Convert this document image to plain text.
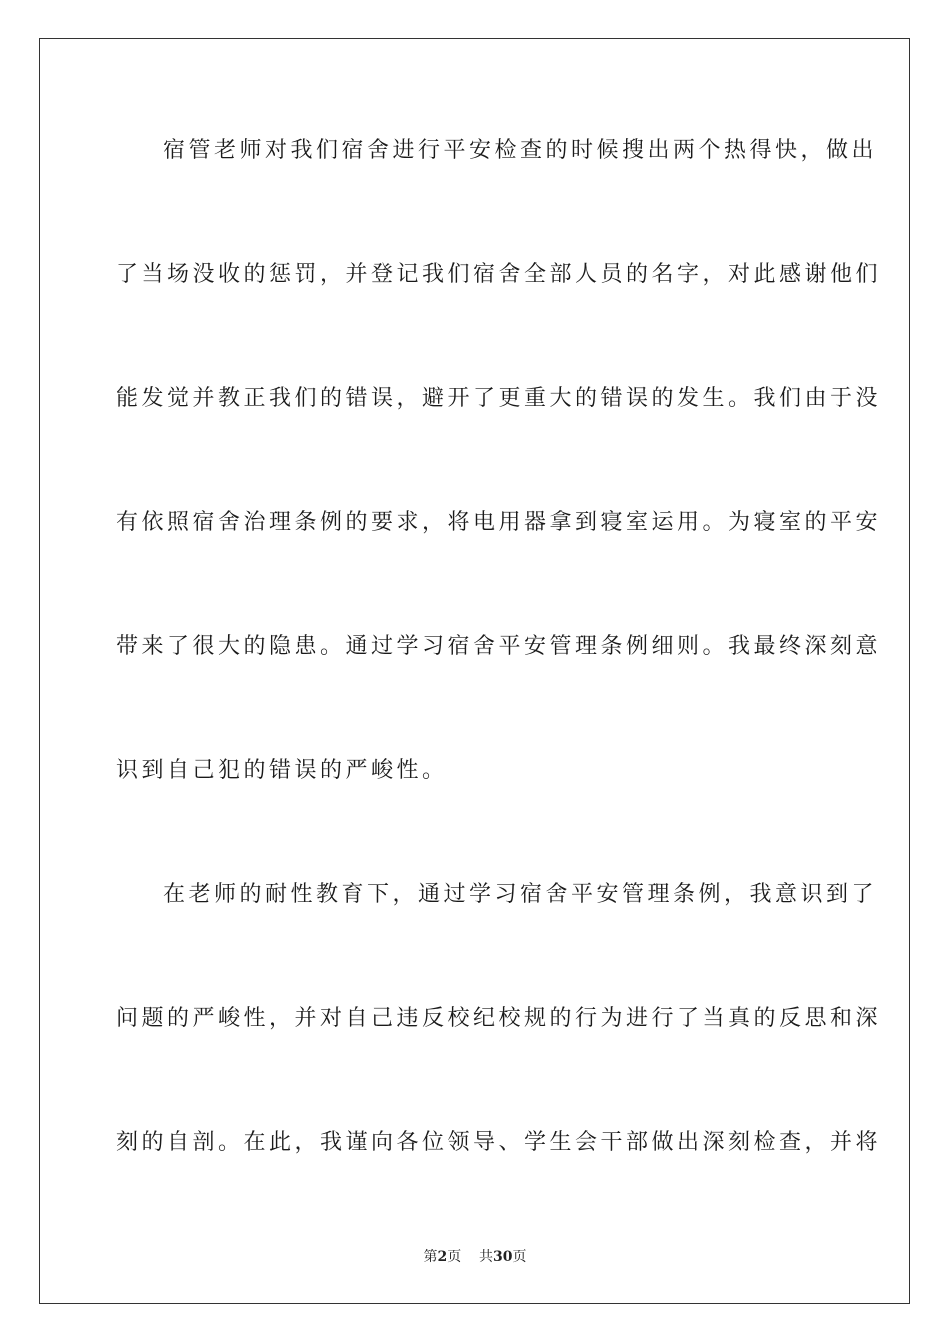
宿管老师对我们宿舍进行平安检查的时候搜出两个热得快，做出
了当场没收的惩罚，并登记我们宿舍全部人员的名字，对此感谢他们
能发觉并教正我们的错误，避开了更重大的错误的发生。我们由于没
有依照宿舍治理条例的要求，将电用器拿到寝室运用。为寝室的平安
带来了很大的隐患。通过学习宿舍平安管理条例细则。我最终深刻意
识到自己犯的错误的严峻性。
在老师的耐性教育下，通过学习宿舍平安管理条例，我意识到了
问题的严峻性，并对自己违反校纪校规的行为进行了当真的反思和深
刻的自剖。在此，我谨向各位领导、学生会干部做出深刻检查，并将
第2页 共30页
